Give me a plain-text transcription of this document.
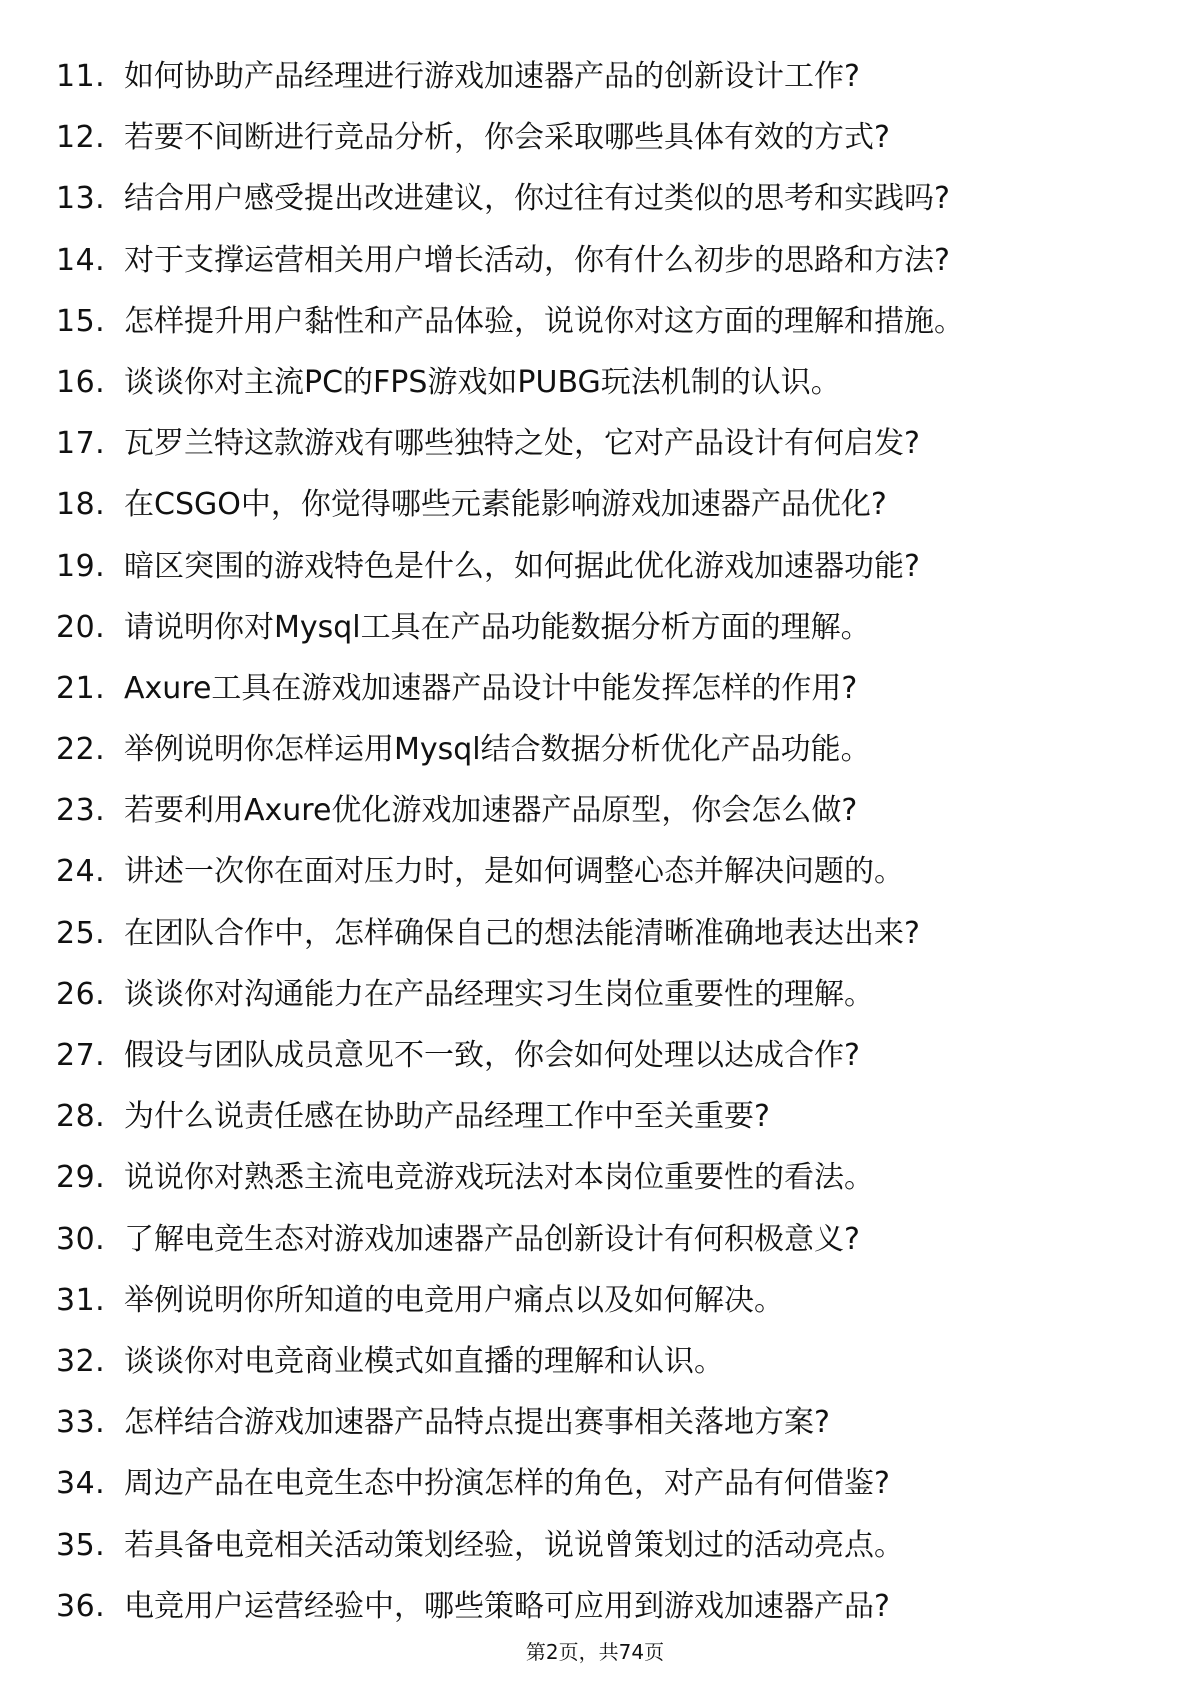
11. 如何协助产品经理进行游戏加速器产品的创新设计工作?
12. 若要不间断进行竞品分析，你会采取哪些具体有效的方式?
13. 结合用户感受提出改进建议，你过往有过类似的思考和实践吗?
14. 对于支撑运营相关用户增长活动，你有什么初步的思路和方法?
15. 怎样提升用户黏性和产品体验，说说你对这方面的理解和措施。
16. 谈谈你对主流PC的FPS游戏如PUBG玩法机制的认识。
17. 瓦罗兰特这款游戏有哪些独特之处，它对产品设计有何启发?
18. 在CSGO中，你觉得哪些元素能影响游戏加速器产品优化?
19. 暗区突围的游戏特色是什么，如何据此优化游戏加速器功能?
20. 请说明你对Mysql工具在产品功能数据分析方面的理解。
21. Axure工具在游戏加速器产品设计中能发挥怎样的作用?
22. 举例说明你怎样运用Mysql结合数据分析优化产品功能。
23. 若要利用Axure优化游戏加速器产品原型，你会怎么做?
24. 讲述一次你在面对压力时，是如何调整心态并解决问题的。
25. 在团队合作中，怎样确保自己的想法能清晰准确地表达出来?
26. 谈谈你对沟通能力在产品经理实习生岗位重要性的理解。
27. 假设与团队成员意见不一致，你会如何处理以达成合作?
28. 为什么说责任感在协助产品经理工作中至关重要?
29. 说说你对熟悉主流电竞游戏玩法对本岗位重要性的看法。
30. 了解电竞生态对游戏加速器产品创新设计有何积极意义?
31. 举例说明你所知道的电竞用户痛点以及如何解决。
32. 谈谈你对电竞商业模式如直播的理解和认识。
33. 怎样结合游戏加速器产品特点提出赛事相关落地方案?
34. 周边产品在电竞生态中扮演怎样的角色，对产品有何借鉴?
35. 若具备电竞相关活动策划经验，说说曾策划过的活动亮点。
36. 电竞用户运营经验中，哪些策略可应用到游戏加速器产品?
第2页，共74页
